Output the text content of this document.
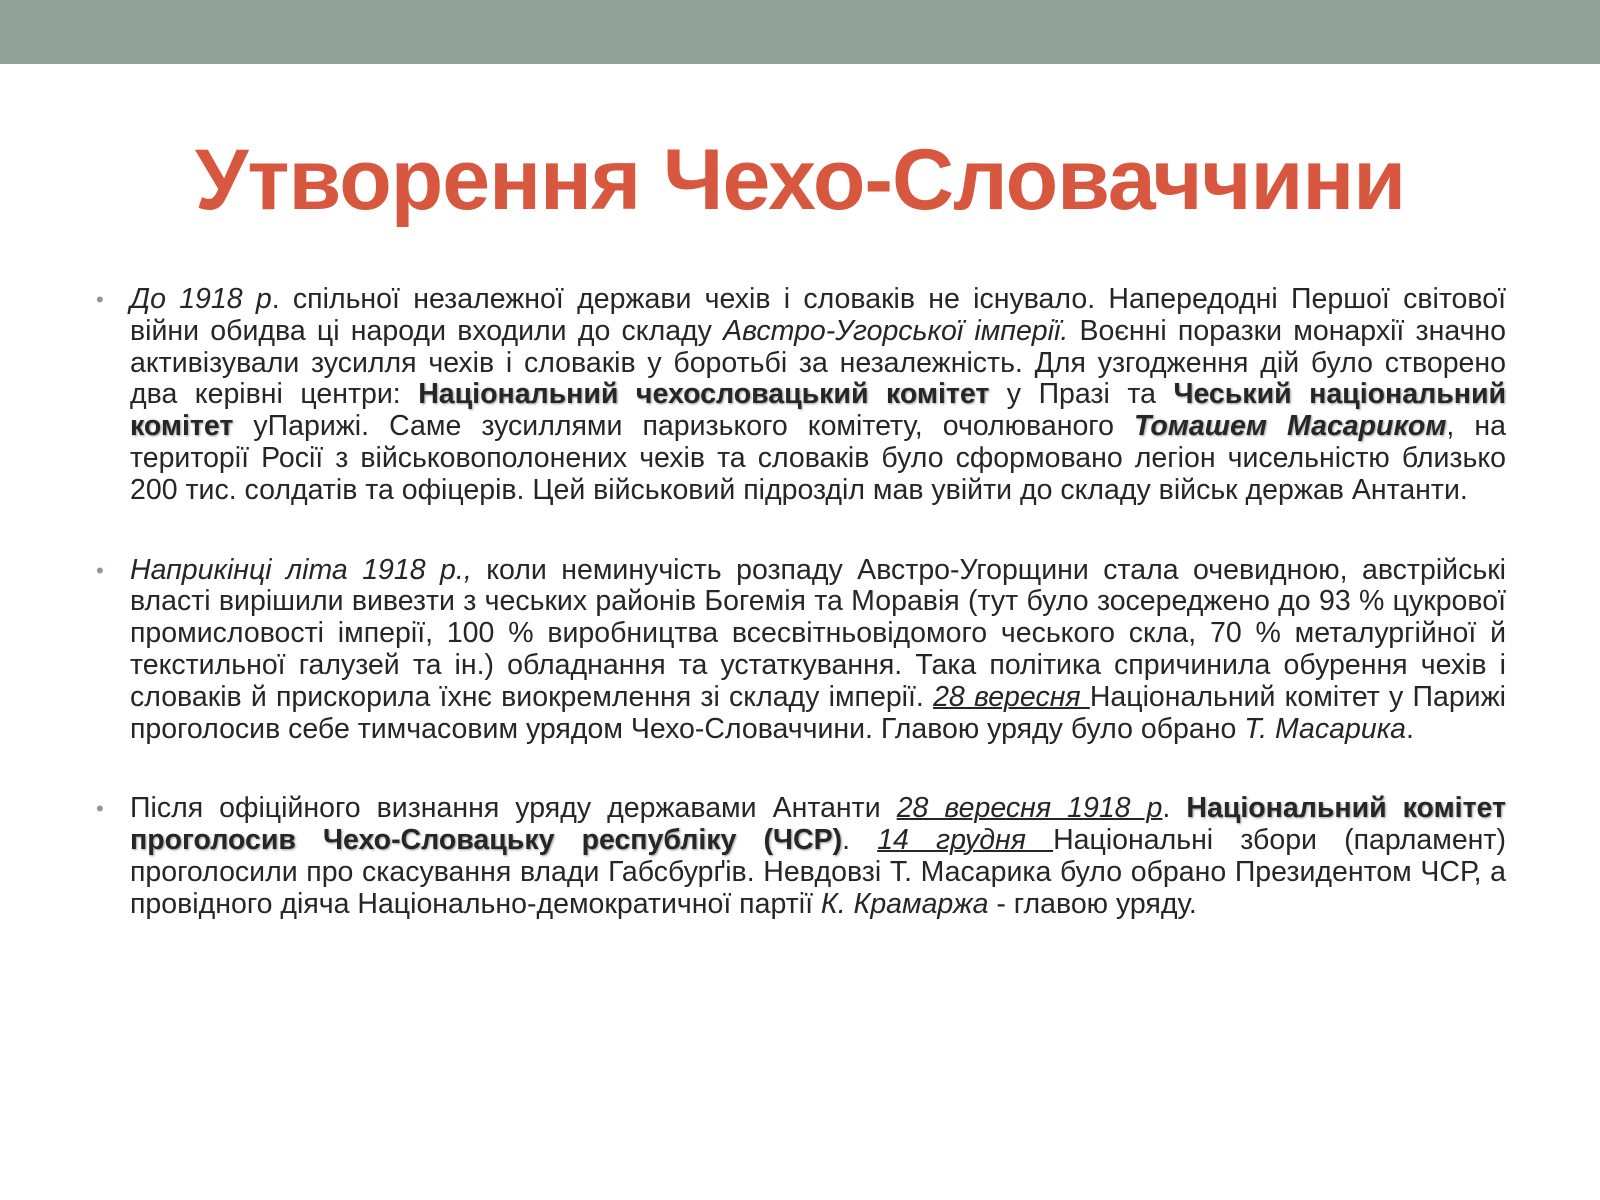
Утворення Чехо-Словаччини
• До 1918 р. спільної незалежної держави чехів і словаків не існувало. Напередодні Першої світової війни обидва ці народи входили до складу Австро-Угорської імперії. Воєнні поразки монархії значно активізували зусилля чехів і словаків у боротьбі за незалежність. Для узгодження дій було створено два керівні центри: Національний чехословацький комітет у Празі та Чеський національний комітет уПарижі. Саме зусиллями паризького комітету, очолюваного Томашем Масариком, на території Росії з військовополонених чехів та словаків було сформовано легіон чисельністю близько 200 тис. солдатів та офіцерів. Цей військовий підрозділ мав увійти до складу військ держав Антанти.
• Наприкінці літа 1918 р., коли неминучість розпаду Австро-Угорщини стала очевидною, австрійські власті вирішили вивезти з чеських районів Богемія та Моравія (тут було зосереджено до 93 % цукрової промисловості імперії, 100 % виробництва всесвітньовідомого чеського скла, 70 % металургійної й текстильної галузей та ін.) обладнання та устаткування. Така політика спричинила обурення чехів і словаків й прискорила їхнє виокремлення зі складу імперії. 28 вересня Національний комітет у Парижі проголосив себе тимчасовим урядом Чехо-Словаччини. Главою уряду було обрано Т. Масарика.
• Після офіційного визнання уряду державами Антанти 28 вересня 1918 р. Національний комітет проголосив Чехо-Словацьку республіку (ЧСР). 14 грудня Національні збори (парламент) проголосили про скасування влади Габсбурґів. Невдовзі Т. Масарика було обрано Президентом ЧСР, а провідного діяча Національно-демократичної партії К. Крамаржа - главою уряду.
